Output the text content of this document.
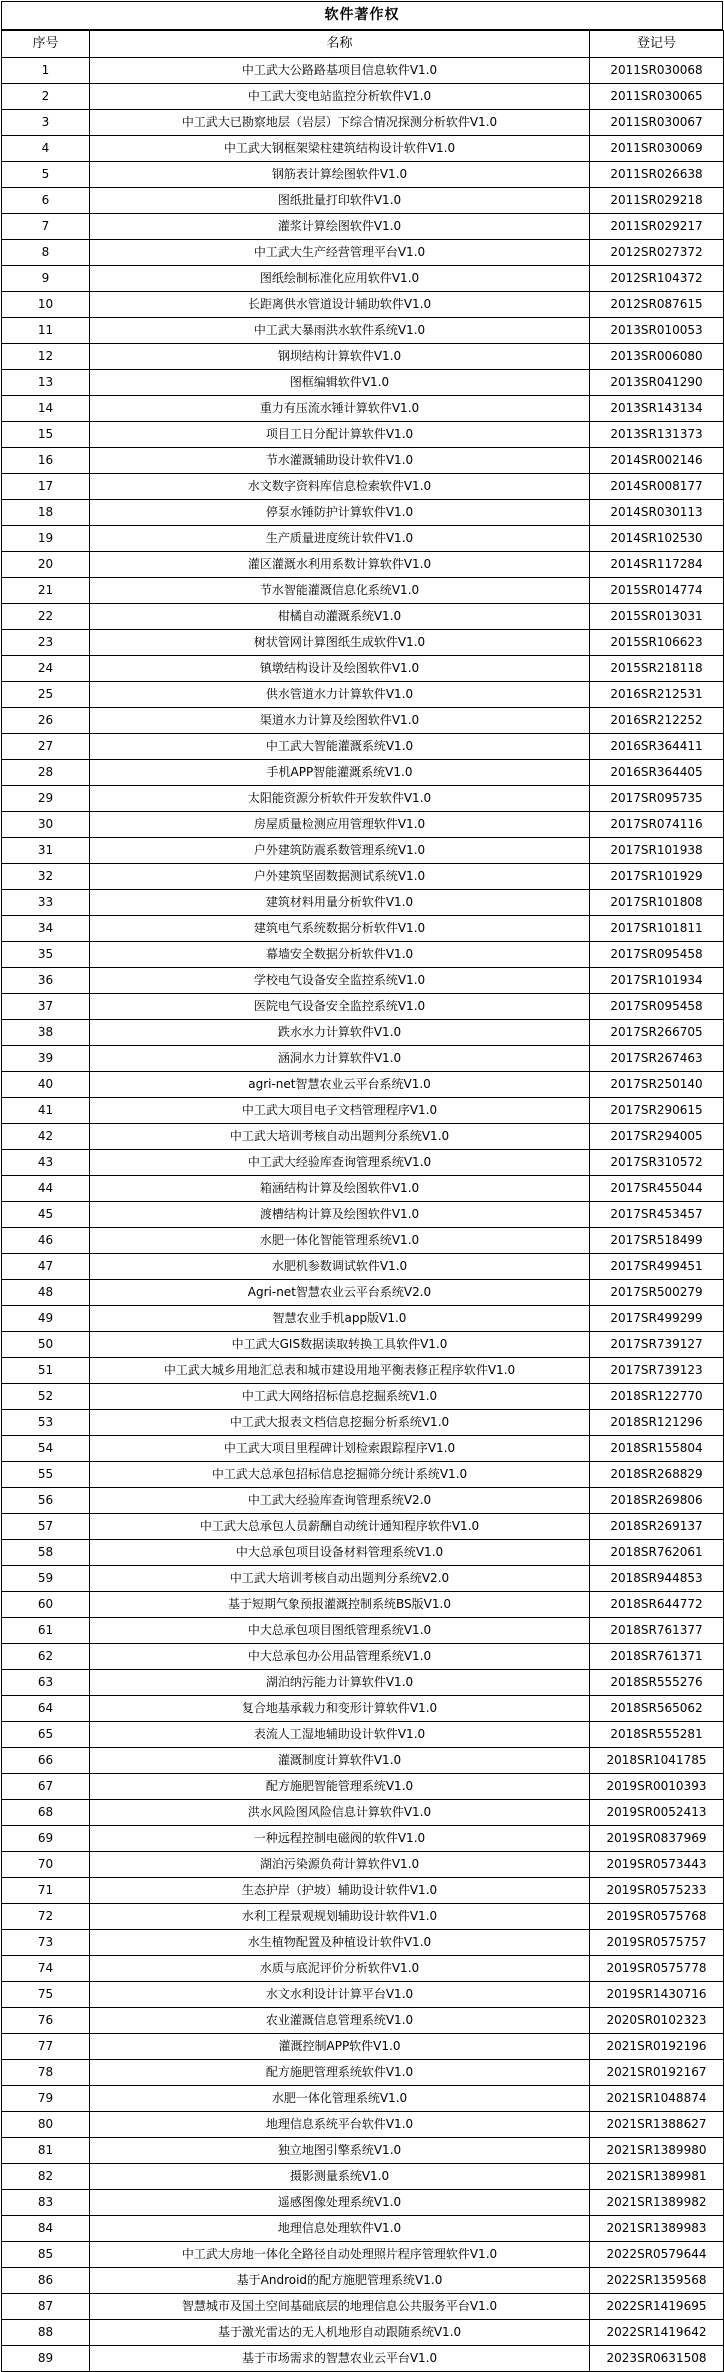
软件著作权
序号	名称	登记号
1	中工武大公路路基项目信息软件V1.0	2011SR030068
2	中工武大变电站监控分析软件V1.0	2011SR030065
3	中工武大已勘察地层（岩层）下综合情况探测分析软件V1.0	2011SR030067
4	中工武大钢框架梁柱建筑结构设计软件V1.0	2011SR030069
5	钢筋表计算绘图软件V1.0	2011SR026638
6	图纸批量打印软件V1.0	2011SR029218
7	灌浆计算绘图软件V1.0	2011SR029217
8	中工武大生产经营管理平台V1.0	2012SR027372
9	图纸绘制标准化应用软件V1.0	2012SR104372
10	长距离供水管道设计辅助软件V1.0	2012SR087615
11	中工武大暴雨洪水软件系统V1.0	2013SR010053
12	钢坝结构计算软件V1.0	2013SR006080
13	图框编辑软件V1.0	2013SR041290
14	重力有压流水锤计算软件V1.0	2013SR143134
15	项目工日分配计算软件V1.0	2013SR131373
16	节水灌溉辅助设计软件V1.0	2014SR002146
17	水文数字资料库信息检索软件V1.0	2014SR008177
18	停泵水锤防护计算软件V1.0	2014SR030113
19	生产质量进度统计软件V1.0	2014SR102530
20	灌区灌溉水利用系数计算软件V1.0	2014SR117284
21	节水智能灌溉信息化系统V1.0	2015SR014774
22	柑橘自动灌溉系统V1.0	2015SR013031
23	树状管网计算图纸生成软件V1.0	2015SR106623
24	镇墩结构设计及绘图软件V1.0	2015SR218118
25	供水管道水力计算软件V1.0	2016SR212531
26	渠道水力计算及绘图软件V1.0	2016SR212252
27	中工武大智能灌溉系统V1.0	2016SR364411
28	手机APP智能灌溉系统V1.0	2016SR364405
29	太阳能资源分析软件开发软件V1.0	2017SR095735
30	房屋质量检测应用管理软件V1.0	2017SR074116
31	户外建筑防震系数管理系统V1.0	2017SR101938
32	户外建筑坚固数据测试系统V1.0	2017SR101929
33	建筑材料用量分析软件V1.0	2017SR101808
34	建筑电气系统数据分析软件V1.0	2017SR101811
35	幕墙安全数据分析软件V1.0	2017SR095458
36	学校电气设备安全监控系统V1.0	2017SR101934
37	医院电气设备安全监控系统V1.0	2017SR095458
38	跌水水力计算软件V1.0	2017SR266705
39	涵洞水力计算软件V1.0	2017SR267463
40	agri-net智慧农业云平台系统V1.0	2017SR250140
41	中工武大项目电子文档管理程序V1.0	2017SR290615
42	中工武大培训考核自动出题判分系统V1.0	2017SR294005
43	中工武大经验库查询管理系统V1.0	2017SR310572
44	箱涵结构计算及绘图软件V1.0	2017SR455044
45	渡槽结构计算及绘图软件V1.0	2017SR453457
46	水肥一体化智能管理系统V1.0	2017SR518499
47	水肥机参数调试软件V1.0	2017SR499451
48	Agri-net智慧农业云平台系统V2.0	2017SR500279
49	智慧农业手机app版V1.0	2017SR499299
50	中工武大GIS数据读取转换工具软件V1.0	2017SR739127
51	中工武大城乡用地汇总表和城市建设用地平衡表修正程序软件V1.0	2017SR739123
52	中工武大网络招标信息挖掘系统V1.0	2018SR122770
53	中工武大报表文档信息挖掘分析系统V1.0	2018SR121296
54	中工武大项目里程碑计划检索跟踪程序V1.0	2018SR155804
55	中工武大总承包招标信息挖掘筛分统计系统V1.0	2018SR268829
56	中工武大经验库查询管理系统V2.0	2018SR269806
57	中工武大总承包人员薪酬自动统计通知程序软件V1.0	2018SR269137
58	中大总承包项目设备材料管理系统V1.0	2018SR762061
59	中工武大培训考核自动出题判分系统V2.0	2018SR944853
60	基于短期气象预报灌溉控制系统BS版V1.0	2018SR644772
61	中大总承包项目图纸管理系统V1.0	2018SR761377
62	中大总承包办公用品管理系统V1.0	2018SR761371
63	湖泊纳污能力计算软件V1.0	2018SR555276
64	复合地基承载力和变形计算软件V1.0	2018SR565062
65	表流人工湿地辅助设计软件V1.0	2018SR555281
66	灌溉制度计算软件V1.0	2018SR1041785
67	配方施肥智能管理系统V1.0	2019SR0010393
68	洪水风险图风险信息计算软件V1.0	2019SR0052413
69	一种远程控制电磁阀的软件V1.0	2019SR0837969
70	湖泊污染源负荷计算软件V1.0	2019SR0573443
71	生态护岸（护坡）辅助设计软件V1.0	2019SR0575233
72	水利工程景观规划辅助设计软件V1.0	2019SR0575768
73	水生植物配置及种植设计软件V1.0	2019SR0575757
74	水质与底泥评价分析软件V1.0	2019SR0575778
75	水文水利设计计算平台V1.0	2019SR1430716
76	农业灌溉信息管理系统V1.0	2020SR0102323
77	灌溉控制APP软件V1.0	2021SR0192196
78	配方施肥管理系统软件V1.0	2021SR0192167
79	水肥一体化管理系统V1.0	2021SR1048874
80	地理信息系统平台软件V1.0	2021SR1388627
81	独立地图引擎系统V1.0	2021SR1389980
82	摄影测量系统V1.0	2021SR1389981
83	遥感图像处理系统V1.0	2021SR1389982
84	地理信息处理软件V1.0	2021SR1389983
85	中工武大房地一体化全路径自动处理照片程序管理软件V1.0	2022SR0579644
86	基于Android的配方施肥管理系统V1.0	2022SR1359568
87	智慧城市及国土空间基础底层的地理信息公共服务平台V1.0	2022SR1419695
88	基于激光雷达的无人机地形自动跟随系统V1.0	2022SR1419642
89	基于市场需求的智慧农业云平台V1.0	2023SR0631508
